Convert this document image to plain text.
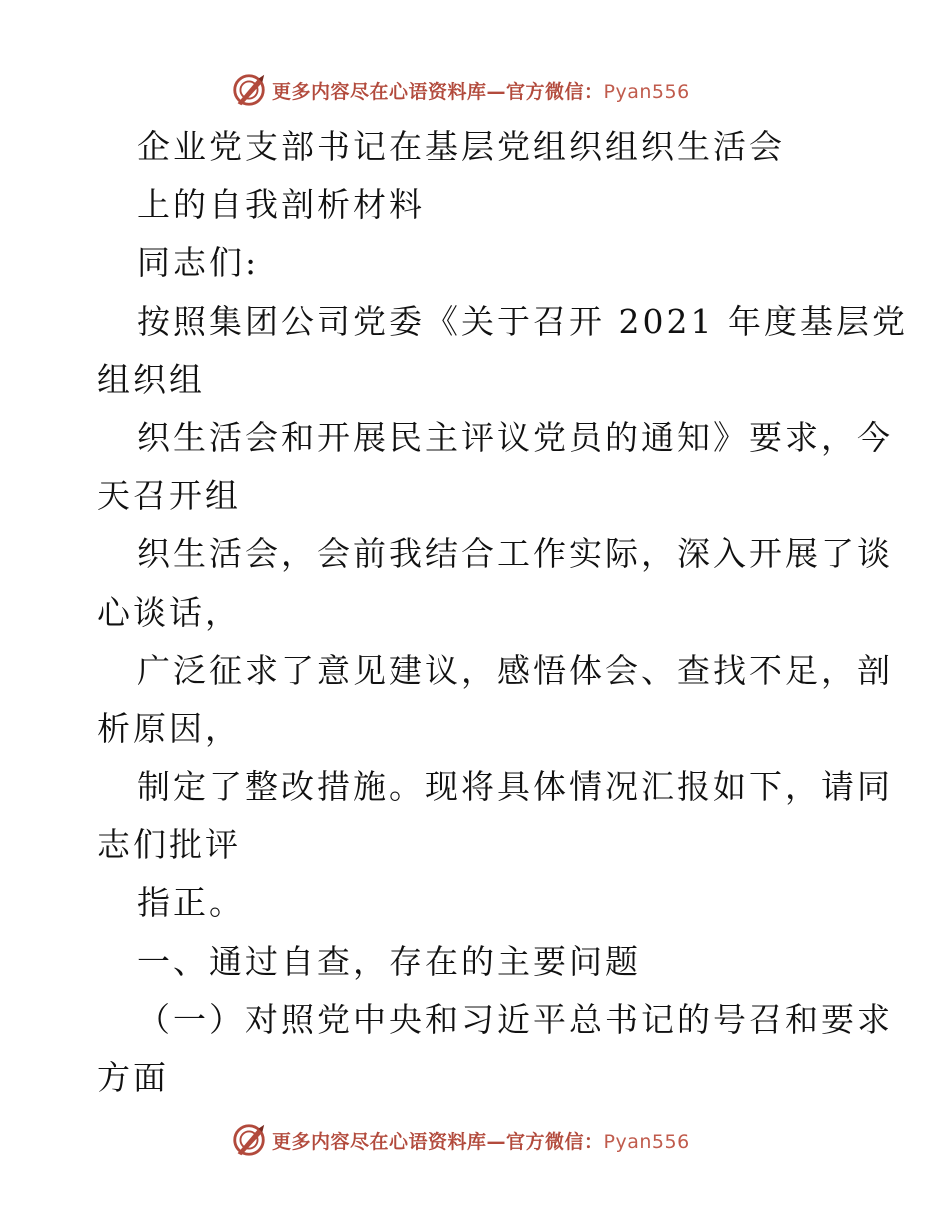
更多内容尽在心语资料库—官方微信：Pyan556
企业党支部书记在基层党组织组织生活会
上的自我剖析材料
同志们:
按照集团公司党委《关于召开 2021 年度基层党
组织组
织生活会和开展民主评议党员的通知》要求，今
天召开组
织生活会，会前我结合工作实际，深入开展了谈
心谈话，
广泛征求了意见建议，感悟体会、查找不足，剖
析原因，
制定了整改措施。现将具体情况汇报如下，请同
志们批评
指正。
一、通过自查，存在的主要问题
（一）对照党中央和习近平总书记的号召和要求
方面
更多内容尽在心语资料库—官方微信：Pyan556
